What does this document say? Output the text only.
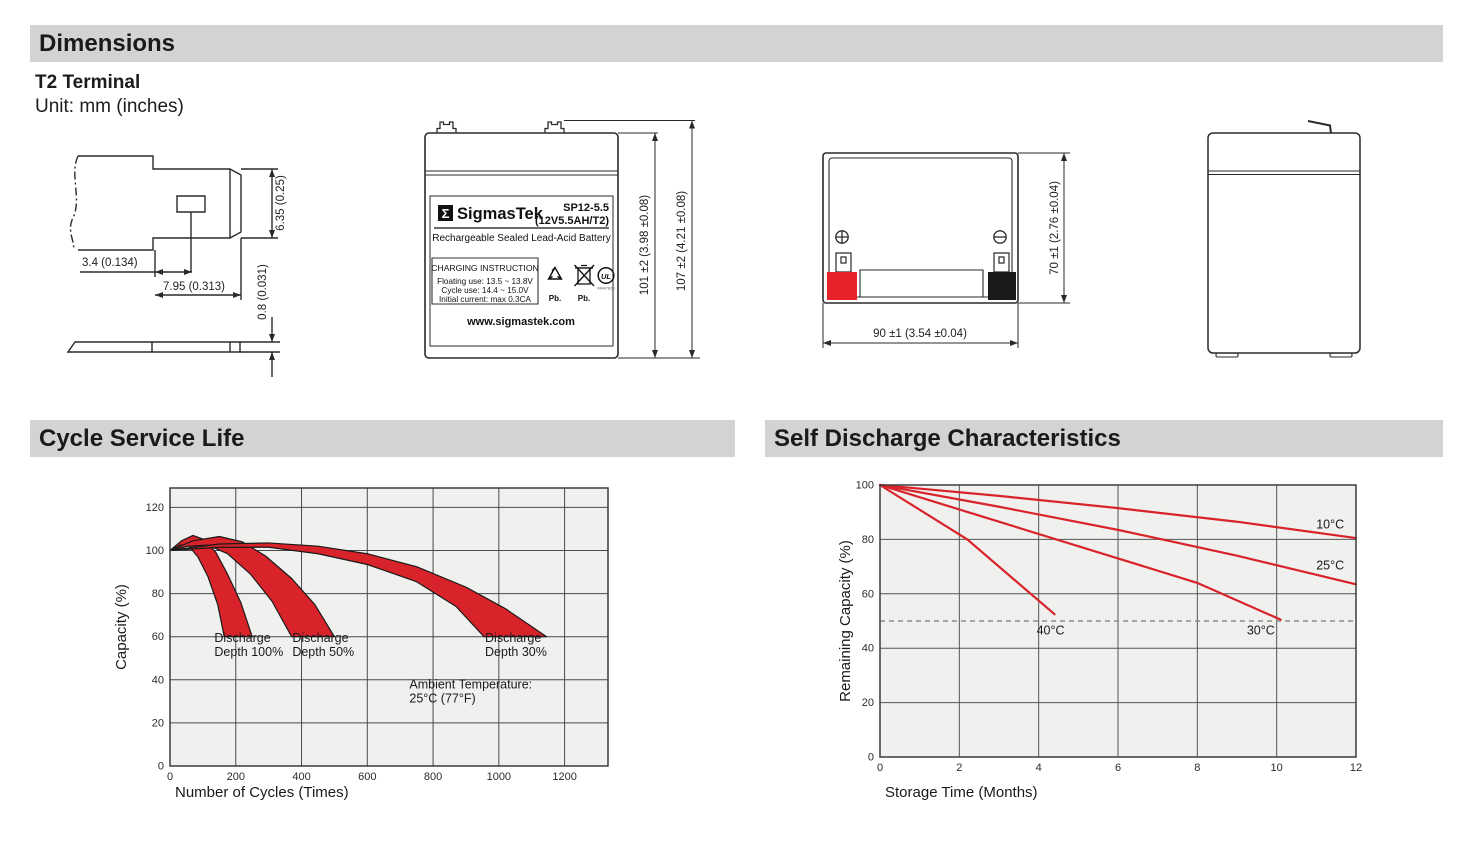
Dimensions
T2 Terminal
Unit: mm (inches)
3.4 (0.134)
7.95 (0.313)
6.35 (0.25)
0.8 (0.031)
Σ SigmasTek SP12-5.5
(12V5.5AH/T2)
Rechargeable Sealed Lead-Acid Battery
CHARGING INSTRUCTION
Floating use: 13.5 ~ 13.8V
Cycle use: 14.4 ~ 15.0V
Initial current: max 0.3CA Pb. Pb.
UL
MH47829
www.sigmastek.com
101 ±2 (3.98 ±0.08) 107 ±2 (4.21 ±0.08)
90 ±1 (3.54 ±0.04)
70 ±1 (2.76 ±0.04)
Cycle Service Life	Self Discharge Characteristics
0	200	400	600	800	1000	1200
0
20
40
60
80
100
120
Discharge
Depth 100%
Discharge
Depth 50%
Discharge
Depth 30%
Ambient Temperature:
25°C (77°F)
Number of Cycles (Times)
Capacity (%)
10°C
25°C
30°C
40°C
0	2	4	6	8	10	12
0
20
40
60
80
100
Storage Time (Months)
Remaining Capacity (%)
